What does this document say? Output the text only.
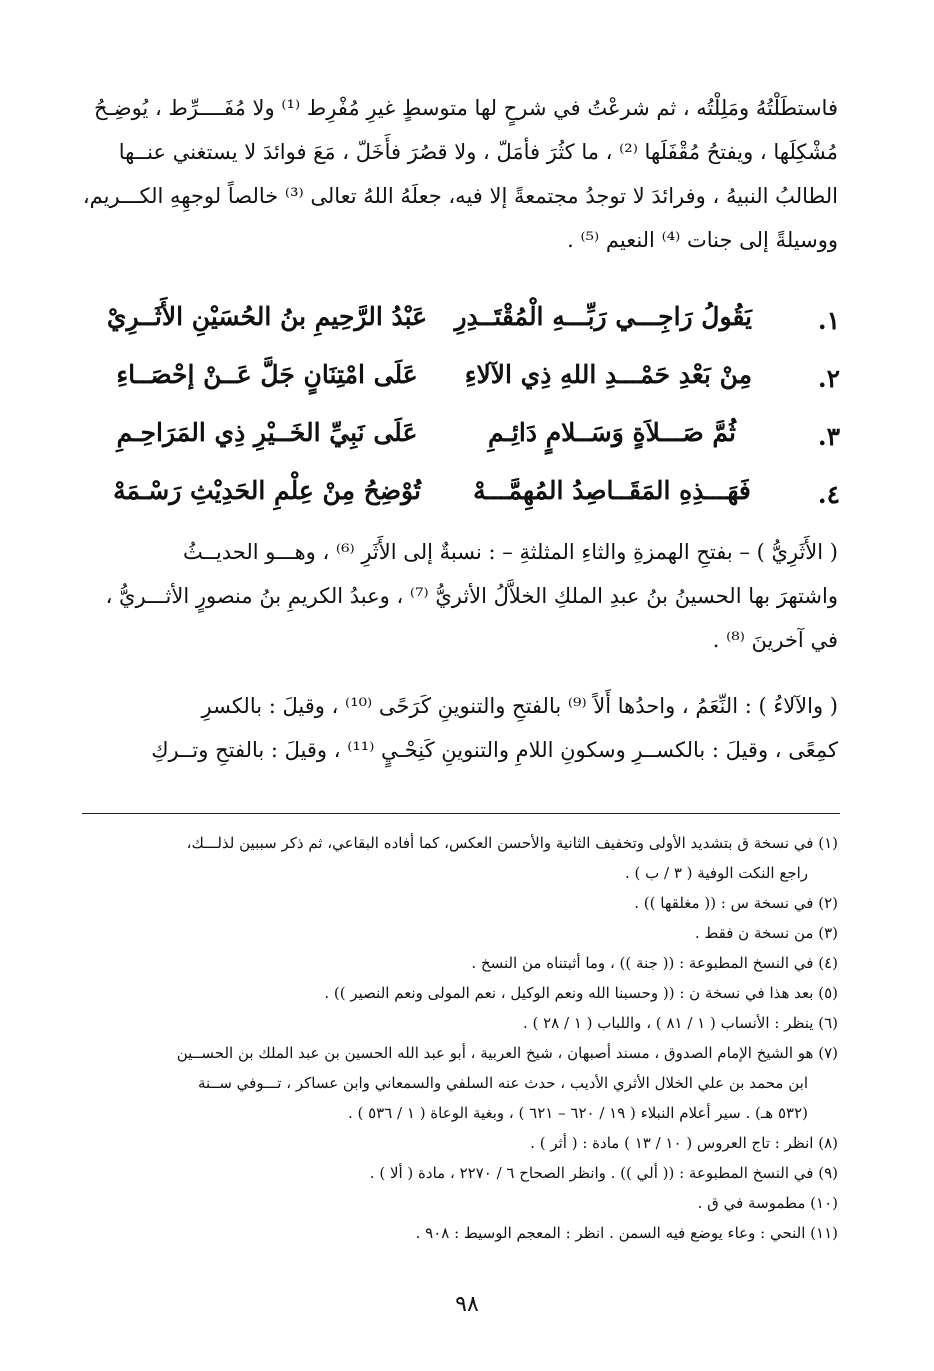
فاستطَلْتُهُ ومَلِلْتُه ، ثم شرعْتُ في شرحٍ لها متوسطٍ غيرِ مُفْرِط ⁽¹⁾ ولا مُفَــــرِّط ، يُوضِـحُ
مُشْكِلَها ، ويفتحُ مُقْفَلَها ⁽²⁾ ، ما كثُرَ فأمَلّ ، ولا قصُرَ فأَخَلّ ، مَعَ فوائدَ لا يستغني عنــها
الطالبُ النبيهُ ، وفرائدَ لا توجدُ مجتمعةً إلا فيه، جعلَهُ اللهُ تعالى ⁽³⁾ خالصاً لوجهِهِ الكـــريم،
ووسيلةً إلى جنات ⁽⁴⁾ النعيم ⁽⁵⁾ .
١.
يَقُولُ رَاجِـــي رَبِّـــهِ الْمُقْتَــدِرِ
عَبْدُ الرَّحِيمِ بنُ الحُسَيْنِ الأَثَــرِيْ
٢.
مِنْ بَعْدِ حَمْـــدِ اللهِ ذِي الآلاءِ
عَلَى امْتِنَانٍ جَلَّ عَــنْ إحْصَــاءِ
٣.
ثُمَّ صَـــلاَةٍ وَسَــلامٍ دَائِـمِ
عَلَى نَبِيِّ الخَــيْرِ ذِي المَرَاحِـمِ
٤.
فَهَـــذِهِ المَقَــاصِدُ المُهِمَّـــهْ
تُوْضِحُ مِنْ عِلْمِ الحَدِيْثِ رَسْـمَهْ
( الأَثَرِيُّ ) – بفتحِ الهمزةِ والثاءِ المثلثةِ – : نسبةٌ إلى الأَثَرِ ⁽⁶⁾ ، وهـــو الحديــثُ
واشتهرَ بها الحسينُ بنُ عبدِ الملكِ الخلاَّلُ الأثريُّ ⁽⁷⁾ ، وعبدُ الكريمِ بنُ منصورٍ الأثـــريُّ ،
في آخرينَ ⁽⁸⁾ .
( والآلاءُ ) : النِّعَمُ ، واحدُها أَلاً ⁽⁹⁾ بالفتحِ والتنوينِ كَرَحًى ⁽¹⁰⁾ ، وقيلَ : بالكسرِ
كمِعًى ، وقيلَ : بالكســرِ وسكونِ اللامِ والتنوينِ كَنِحْـيٍ ⁽¹¹⁾ ، وقيلَ : بالفتحِ وتــركِ
(١) في نسخة ق بتشديد الأولى وتخفيف الثانية والأحسن العكس، كما أفاده البقاعي، ثم ذكر سببين لذلـــك،
راجع النكت الوفية ( ٣ / ب ) .
(٢) في نسخة س : (( مغلقها )) .
(٣) من نسخة ن فقط .
(٤) في النسخ المطبوعة : (( جنة )) ، وما أثبتناه من النسخ .
(٥) بعد هذا في نسخة ن : (( وحسبنا الله ونعم الوكيل ، نعم المولى ونعم النصير )) .
(٦) ينظر : الأنساب ( ١ / ٨١ ) ، واللباب ( ١ / ٢٨ ) .
(٧) هو الشيخ الإمام الصدوق ، مسند أصبهان ، شيخ العربية ، أبو عبد الله الحسين بن عبد الملك بن الحســين
ابن محمد بن علي الخلال الأثري الأديب ، حدث عنه السلفي والسمعاني وابن عساكر ، تـــوفي ســنة
(٥٣٢ هـ) . سير أعلام النبلاء ( ١٩ / ٦٢٠ – ٦٢١ ) ، وبغية الوعاة ( ١ / ٥٣٦ ) .
(٨) انظر : تاج العروس ( ١٠ / ١٣ ) مادة : ( أثر ) .
(٩) في النسخ المطبوعة : (( ألي )) . وانظر الصحاح ٦ / ٢٢٧٠ ، مادة ( ألا ) .
(١٠) مطموسة في ق .
(١١) النحي : وعاء يوضع فيه السمن . انظر : المعجم الوسيط : ٩٠٨ .
٩٨
